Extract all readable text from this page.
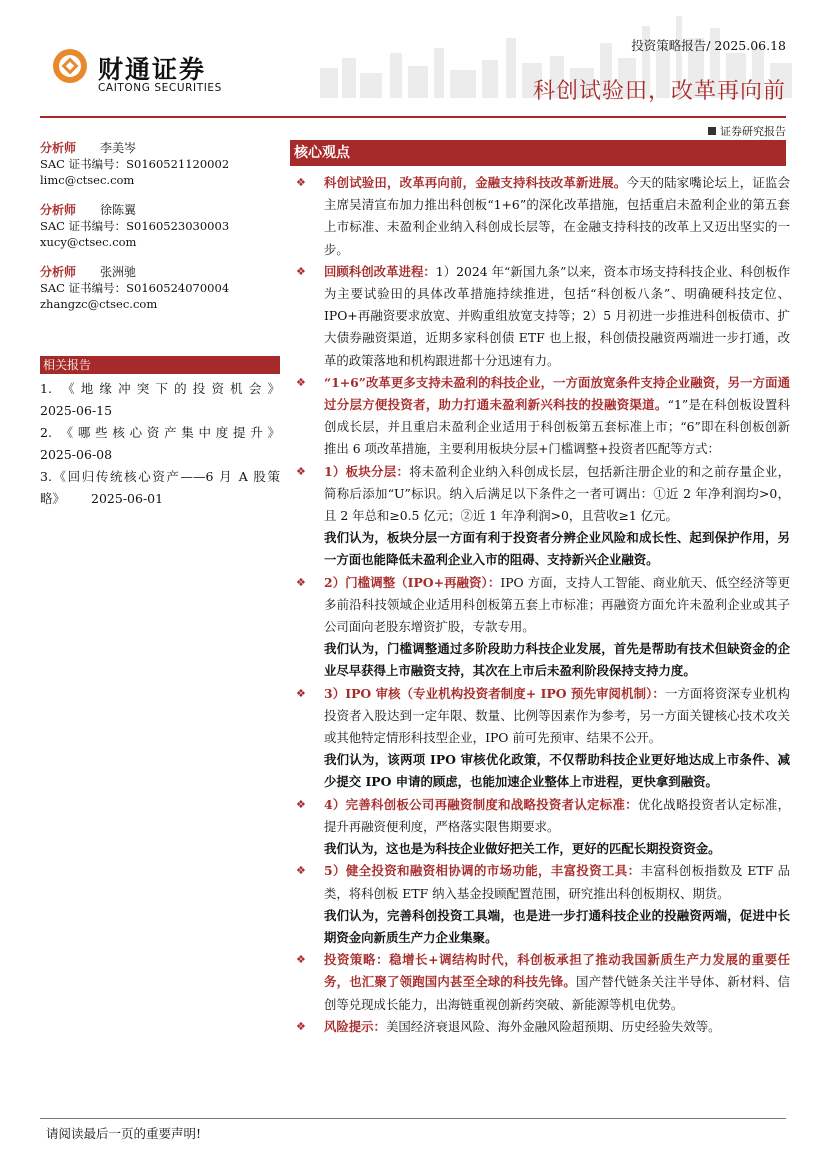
财通证券
CAITONG SECURITIES
投资策略报告/ 2025.06.18
科创试验田，改革再向前
证券研究报告
分析师	李美岑
SAC 证书编号：S0160521120002
limc@ctsec.com
分析师	徐陈翼
SAC 证书编号：S0160523030003
xucy@ctsec.com
分析师	张洲驰
SAC 证书编号：S0160524070004
zhangzc@ctsec.com
相关报告
1. 《地缘冲突下的投资机会》
2025-06-15
2. 《哪些核心资产集中度提升》
2025-06-08
3.《回归传统核心资产——6 月 A 股策
略》 2025-06-01
核心观点
❖ 科创试验田，改革再向前，金融支持科技改革新进展。今天的陆家嘴论坛上，证监会主席吴清宣布加力推出科创板“1+6”的深化改革措施，包括重启未盈利企业的第五套上市标准、未盈利企业纳入科创成长层等，在金融支持科技的改革上又迈出坚实的一步。
❖ 回顾科创改革进程：1）2024 年“新国九条”以来，资本市场支持科技企业、科创板作为主要试验田的具体改革措施持续推进，包括“科创板八条”、明确硬科技定位、IPO+再融资要求放宽、并购重组放宽支持等；2）5 月初进一步推进科创板债市、扩大债券融资渠道，近期多家科创债 ETF 也上报，科创债投融资两端进一步打通，改革的政策落地和机构跟进都十分迅速有力。
❖ “1+6”改革更多支持未盈利的科技企业，一方面放宽条件支持企业融资，另一方面通过分层方便投资者，助力打通未盈利新兴科技的投融资渠道。“1”是在科创板设置科创成长层，并且重启未盈利企业适用于科创板第五套标准上市；“6”即在科创板创新推出 6 项改革措施，主要利用板块分层+门槛调整+投资者匹配等方式：
❖ 1）板块分层：将未盈利企业纳入科创成长层，包括新注册企业的和之前存量企业，简称后添加“U”标识。纳入后满足以下条件之一者可调出：①近 2 年净利润均>0，且 2 年总和≥0.5 亿元；②近 1 年净利润>0，且营收≥1 亿元。
我们认为，板块分层一方面有利于投资者分辨企业风险和成长性、起到保护作用，另一方面也能降低未盈利企业入市的阻碍、支持新兴企业融资。
❖ 2）门槛调整（IPO+再融资）：IPO 方面，支持人工智能、商业航天、低空经济等更多前沿科技领域企业适用科创板第五套上市标准；再融资方面允许未盈利企业或其子公司面向老股东增资扩股，专款专用。
我们认为，门槛调整通过多阶段助力科技企业发展，首先是帮助有技术但缺资金的企业尽早获得上市融资支持，其次在上市后未盈利阶段保持支持力度。
❖ 3）IPO 审核（专业机构投资者制度+ IPO 预先审阅机制）：一方面将资深专业机构投资者入股达到一定年限、数量、比例等因素作为参考，另一方面关键核心技术攻关或其他特定情形科技型企业，IPO 前可先预审、结果不公开。
我们认为，该两项 IPO 审核优化政策，不仅帮助科技企业更好地达成上市条件、减少提交 IPO 申请的顾虑，也能加速企业整体上市进程，更快拿到融资。
❖ 4）完善科创板公司再融资制度和战略投资者认定标准：优化战略投资者认定标准，提升再融资便利度，严格落实限售期要求。
我们认为，这也是为科技企业做好把关工作，更好的匹配长期投资资金。
❖ 5）健全投资和融资相协调的市场功能，丰富投资工具：丰富科创板指数及 ETF 品类，将科创板 ETF 纳入基金投顾配置范围，研究推出科创板期权、期货。
我们认为，完善科创投资工具端，也是进一步打通科技企业的投融资两端，促进中长期资金向新质生产力企业集聚。
❖ 投资策略：稳增长+调结构时代，科创板承担了推动我国新质生产力发展的重要任务，也汇聚了领跑国内甚至全球的科技先锋。国产替代链条关注半导体、新材料、信创等兑现成长能力，出海链重视创新药突破、新能源等机电优势。
❖ 风险提示：美国经济衰退风险、海外金融风险超预期、历史经验失效等。
请阅读最后一页的重要声明!
